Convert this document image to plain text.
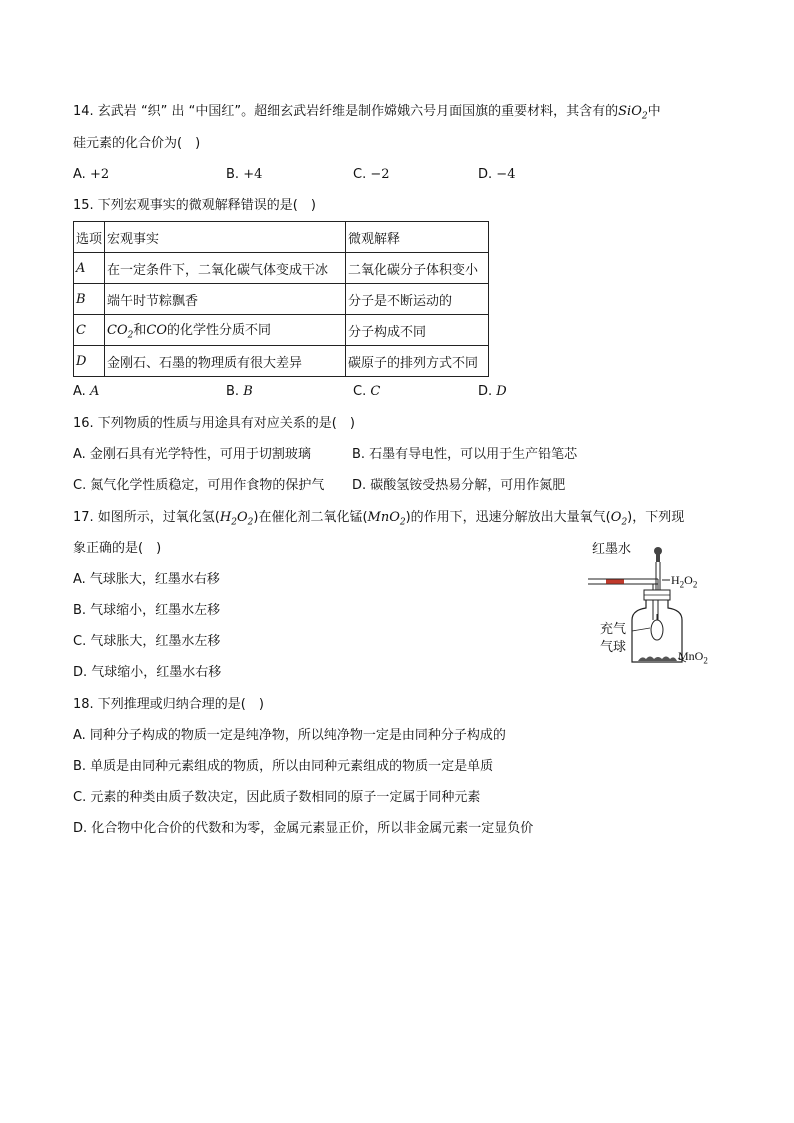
14. 玄武岩 “织” 出 “中国红”。超细玄武岩纤维是制作嫦娥六号月面国旗的重要材料，其含有的SiO$_2$中
硅元素的化合价为(　)
A. +2	B. +4	C. −2	D. −4
15. 下列宏观事实的微观解释错误的是(　)
选项	宏观事实	微观解释
A	在一定条件下，二氧化碳气体变成干冰	二氧化碳分子体积变小
B	端午时节粽飘香	分子是不断运动的
C	$CO_2$和CO的化学性分质不同	分子构成不同
D	金刚石、石墨的物理质有很大差异	碳原子的排列方式不同
A. A	B. B	C. C	D. D
16. 下列物质的性质与用途具有对应关系的是(　)
A. 金刚石具有光学特性，可用于切割玻璃	B. 石墨有导电性，可以用于生产铅笔芯
C. 氮气化学性质稳定，可用作食物的保护气 D. 碳酸氢铵受热易分解，可用作氮肥
17. 如图所示，过氧化氢$(H_2O_2)$在催化剂二氧化锰(MnO$_2$)的作用下，迅速分解放出大量氧气$(O_2)$，下列现
象正确的是(　)
A. 气球胀大，红墨水右移
B. 气球缩小，红墨水左移
C. 气球胀大，红墨水左移
D. 气球缩小，红墨水右移
红墨水
$H_2O_2$
充气
气球
MnO$_2$
18. 下列推理或归纳合理的是(　)
A. 同种分子构成的物质一定是纯净物，所以纯净物一定是由同种分子构成的
B. 单质是由同种元素组成的物质，所以由同种元素组成的物质一定是单质
C. 元素的种类由质子数决定，因此质子数相同的原子一定属于同种元素
D. 化合物中化合价的代数和为零，金属元素显正价，所以非金属元素一定显负价
